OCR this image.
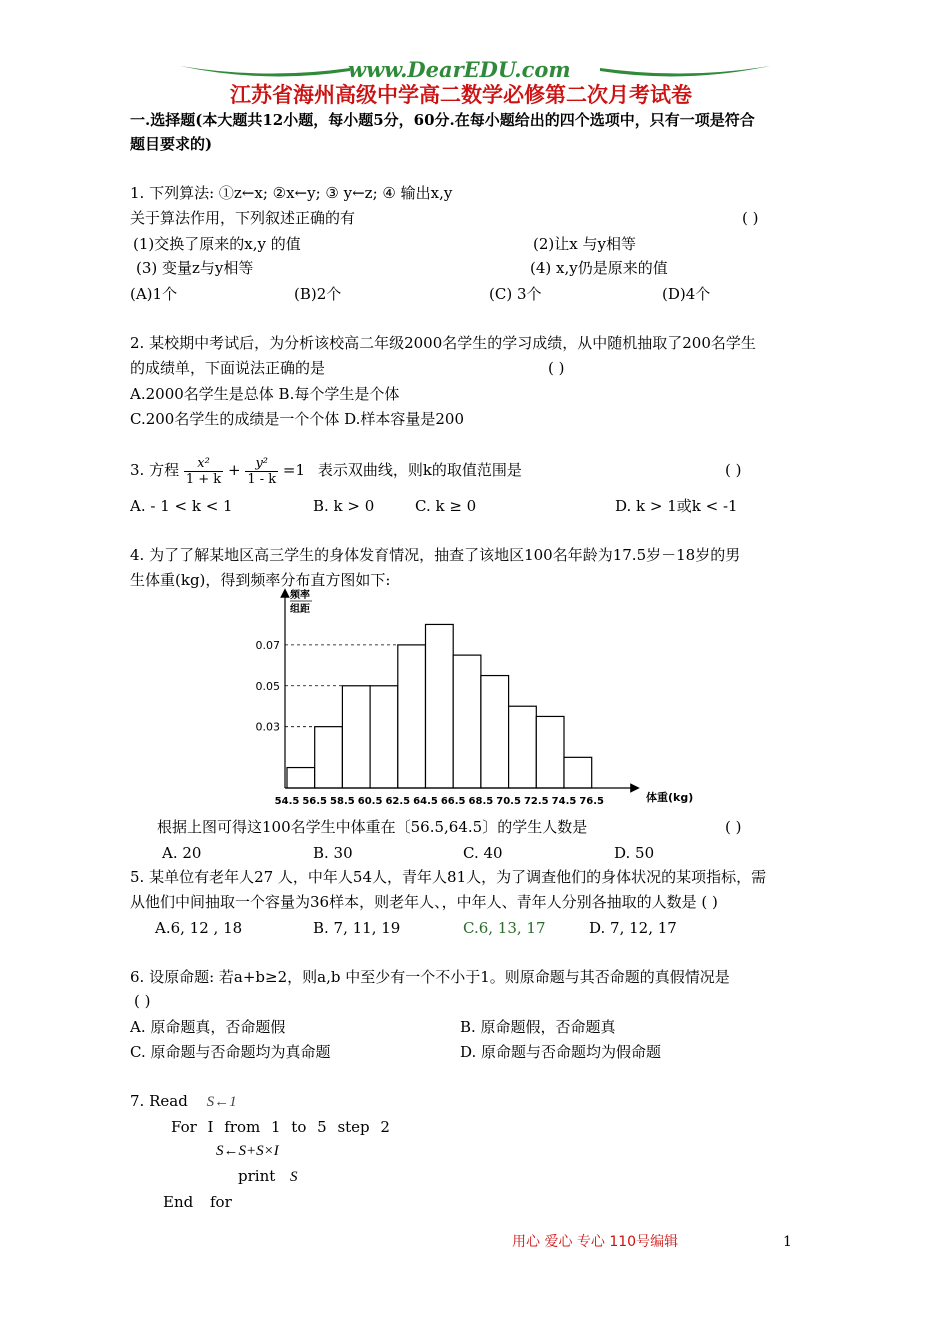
www.DearEDU.com
江苏省海州高级中学高二数学必修第二次月考试卷
一.选择题(本大题共12小题，每小题5分，60分.在每小题给出的四个选项中，只有一项是符合
题目要求的)
1. 下列算法: ①z←x; ②x←y; ③ y←z; ④ 输出x,y
关于算法作用，下列叙述正确的有	( )
(1)交换了原来的x,y 的值	(2)让x 与y相等
(3) 变量z与y相等	(4) x,y仍是原来的值
(A)1个	(B)2个	(C) 3个	(D)4个
2. 某校期中考试后，为分析该校高二年级2000名学生的学习成绩，从中随机抽取了200名学生
的成绩单，下面说法正确的是	( )
A.2000名学生是总体 B.每个学生是个体
C.200名学生的成绩是一个个体 D.样本容量是200
3. 方程 $\frac{\text{x²}}{1 + k} + \frac{\text{y²}}{1 - k} =1$ 表示双曲线，则k的取值范围是	( )
A. - 1 < k < 1	B. k > 0	C. k ≥ 0	D. k > 1或k < -1
4. 为了了解某地区高三学生的身体发育情况，抽查了该地区100名年龄为17.5岁－18岁的男
生体重(kg)，得到频率分布直方图如下:
频率
组距
0.03
0.05
0.07
54.5 56.5 58.5 60.5 62.5 64.5 66.5 68.5 70.5 72.5 74.5 76.5	体重(kg)
根据上图可得这100名学生中体重在〔56.5,64.5〕的学生人数是	( )
A. 20	B. 30	C. 40	D. 50
5. 某单位有老年人27 人，中年人54人，青年人81人，为了调查他们的身体状况的某项指标，需
从他们中间抽取一个容量为36样本，则老年人、，中年人、青年人分别各抽取的人数是 ( )
A.6, 12 , 18	B. 7, 11, 19	C.6, 13, 17	D. 7, 12, 17
6. 设原命题: 若a+b≥2，则a,b 中至少有一个不小于1。则原命题与其否命题的真假情况是
( )
A. 原命题真，否命题假	B. 原命题假，否命题真
C. 原命题与否命题均为真命题	D. 原命题与否命题均为假命题
7. Read S←1
For I from 1 to 5 step 2
S←S+S×I
print S
End for
用心 爱心 专心 110号编辑	1
